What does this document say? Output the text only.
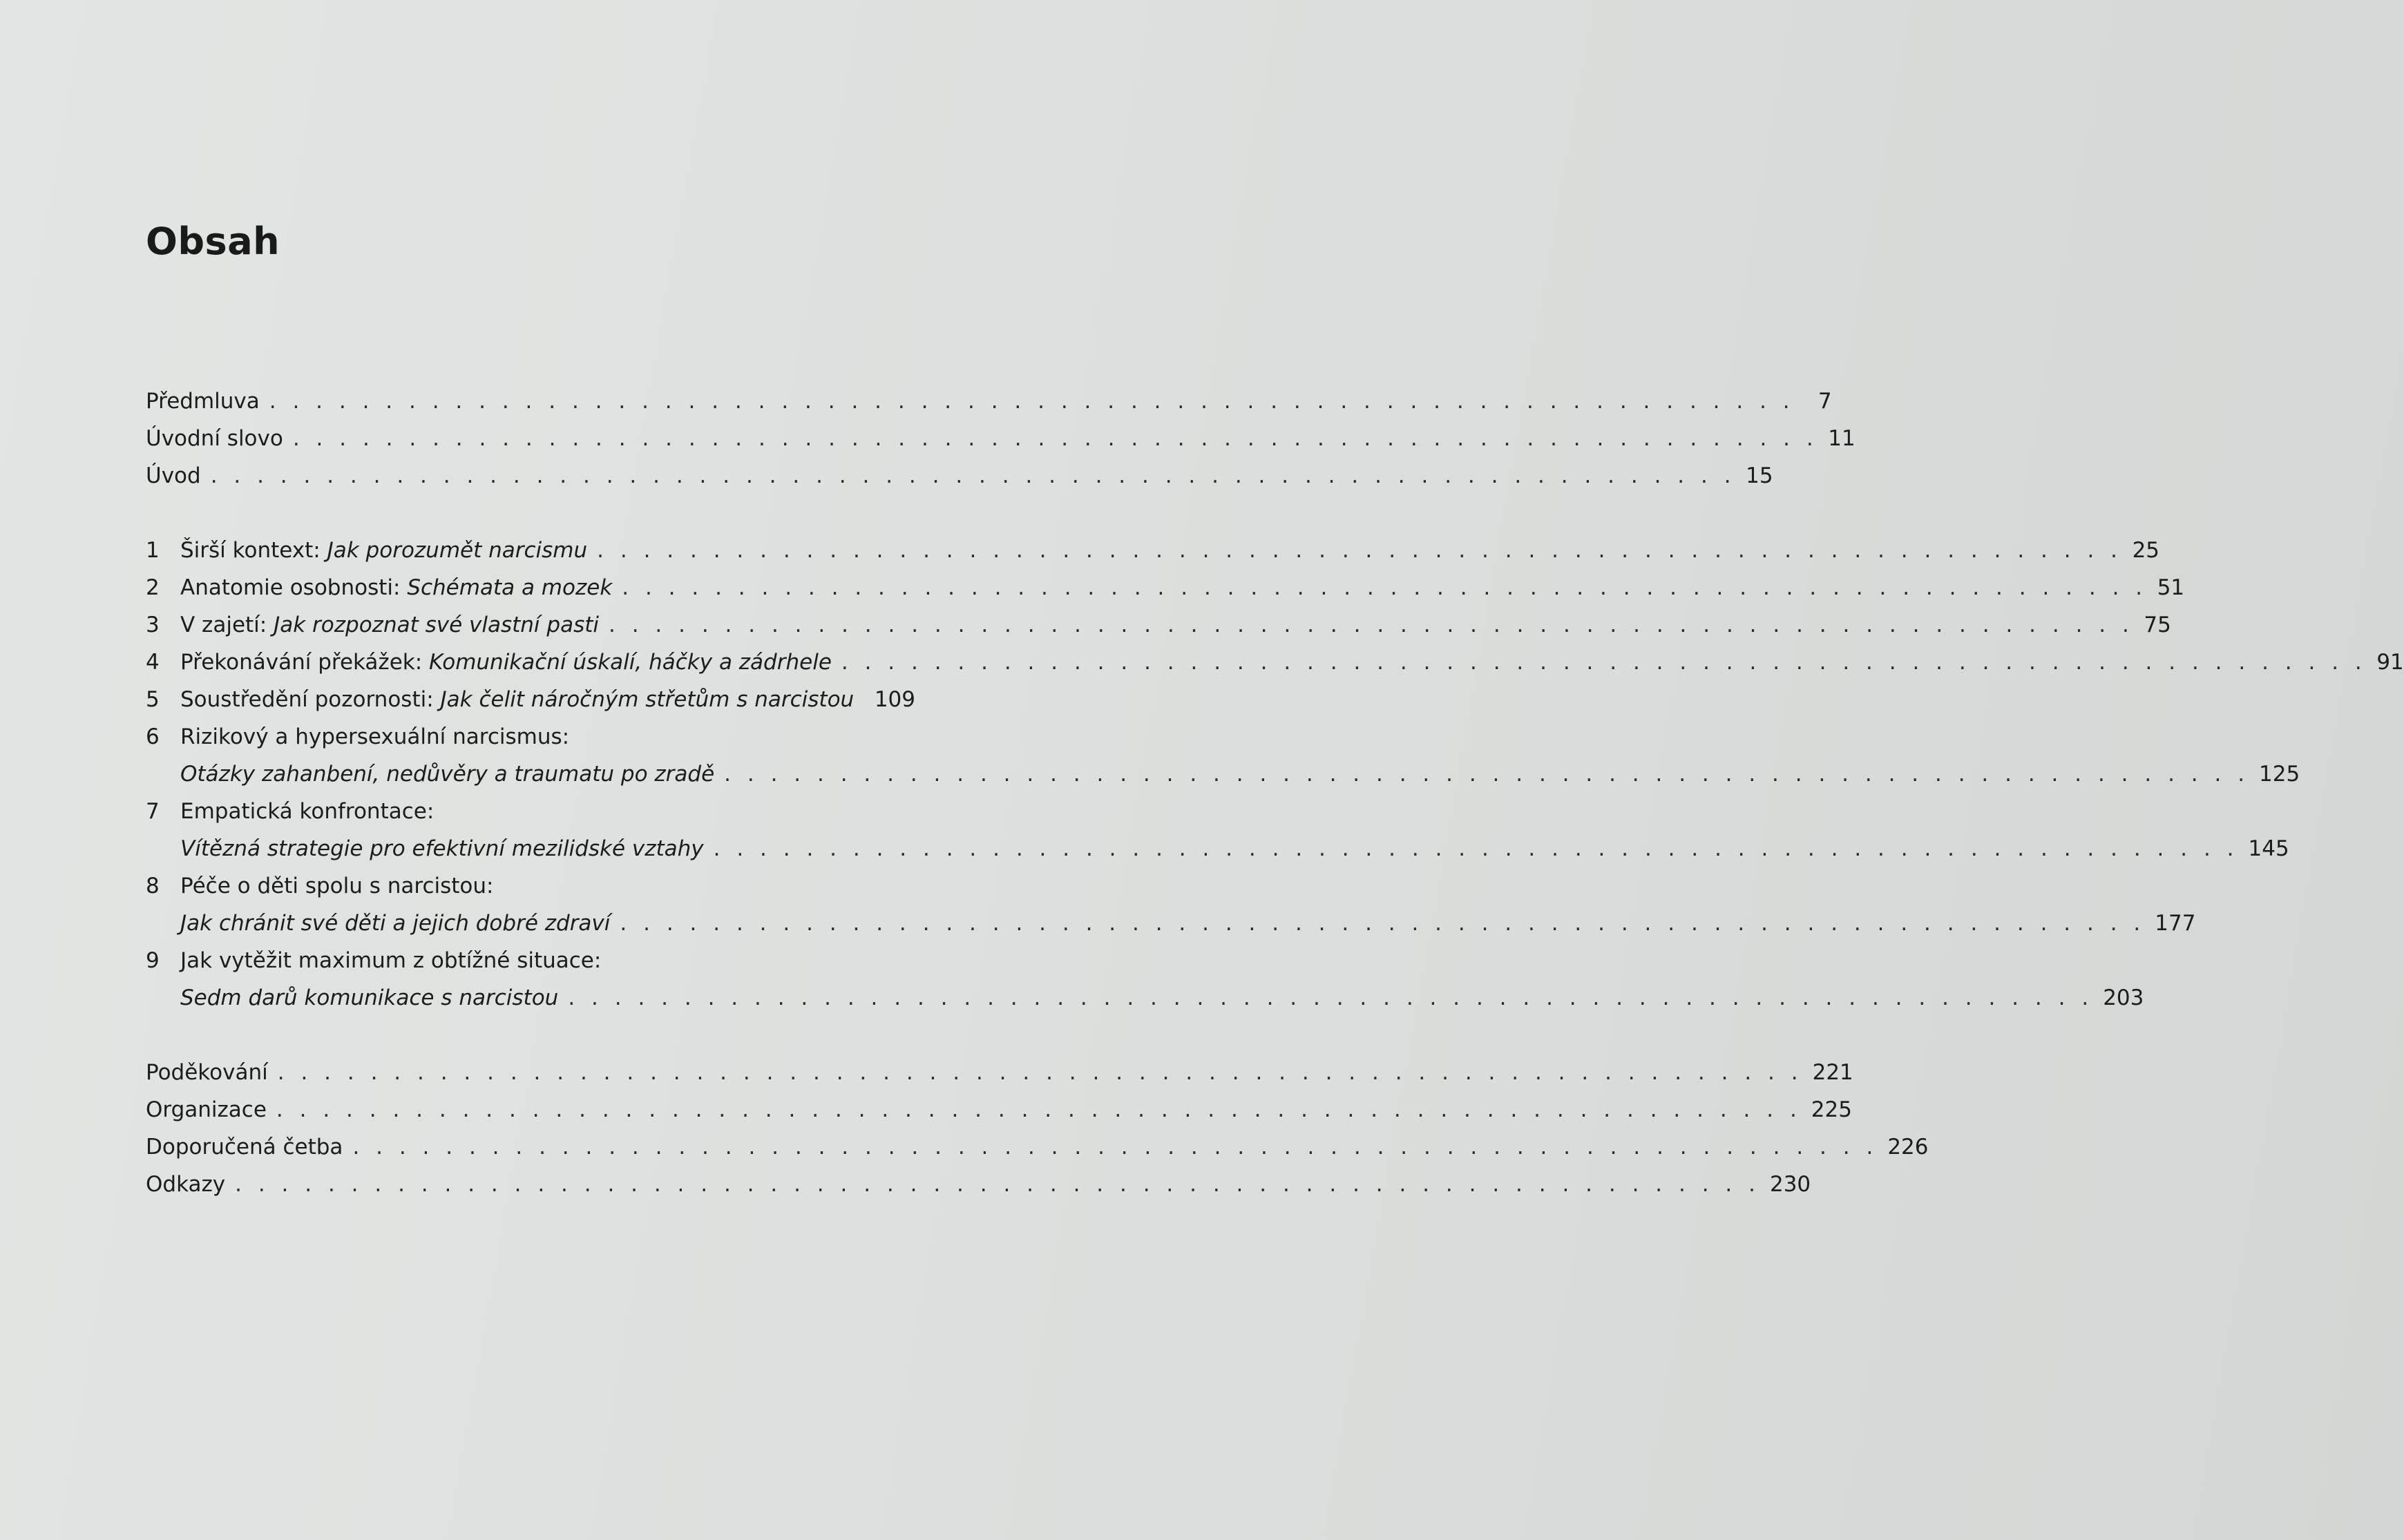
Obsah
Předmluva . . . . . . . . . . . . . . . . . . . . . . . . . . . . . . . . . . . . . . . . . . . . . . . . . . . . . . . . . . . . . . . . . .	7
Úvodní slovo . . . . . . . . . . . . . . . . . . . . . . . . . . . . . . . . . . . . . . . . . . . . . . . . . . . . . . . . . . . . . . . . . . 11
Úvod . . . . . . . . . . . . . . . . . . . . . . . . . . . . . . . . . . . . . . . . . . . . . . . . . . . . . . . . . . . . . . . . . . 15
1 Širší kontext: Jak porozumět narcismu . . . . . . . . . . . . . . . . . . . . . . . . . . . . . . . . . . . . . . . . . . . . . . . . . . . . . . . . . . . . . . . . . . 25
2 Anatomie osobnosti: Schémata a mozek . . . . . . . . . . . . . . . . . . . . . . . . . . . . . . . . . . . . . . . . . . . . . . . . . . . . . . . . . . . . . . . . . . 51
3 V zajetí: Jak rozpoznat své vlastní pasti . . . . . . . . . . . . . . . . . . . . . . . . . . . . . . . . . . . . . . . . . . . . . . . . . . . . . . . . . . . . . . . . . . 75
4 Překonávání překážek: Komunikační úskalí, háčky a zádrhele . . . . . . . . . . . . . . . . . . . . . . . . . . . . . . . . . . . . . . . . . . . . . . . . . . . . . . . . . . . . . . . . . . 91
5 Soustředění pozornosti: Jak čelit náročným střetům s narcistou 109
6 Rizikový a hypersexuální narcismus:
Otázky zahanbení, nedůvěry a traumatu po zradě . . . . . . . . . . . . . . . . . . . . . . . . . . . . . . . . . . . . . . . . . . . . . . . . . . . . . . . . . . . . . . . . . . 125
7 Empatická konfrontace:
Vítězná strategie pro efektivní mezilidské vztahy . . . . . . . . . . . . . . . . . . . . . . . . . . . . . . . . . . . . . . . . . . . . . . . . . . . . . . . . . . . . . . . . . . 145
8 Péče o děti spolu s narcistou:
Jak chránit své děti a jejich dobré zdraví . . . . . . . . . . . . . . . . . . . . . . . . . . . . . . . . . . . . . . . . . . . . . . . . . . . . . . . . . . . . . . . . . . 177
9 Jak vytěžit maximum z obtížné situace:
Sedm darů komunikace s narcistou . . . . . . . . . . . . . . . . . . . . . . . . . . . . . . . . . . . . . . . . . . . . . . . . . . . . . . . . . . . . . . . . . . 203
Poděkování . . . . . . . . . . . . . . . . . . . . . . . . . . . . . . . . . . . . . . . . . . . . . . . . . . . . . . . . . . . . . . . . . . 221
Organizace . . . . . . . . . . . . . . . . . . . . . . . . . . . . . . . . . . . . . . . . . . . . . . . . . . . . . . . . . . . . . . . . . . 225
Doporučená četba . . . . . . . . . . . . . . . . . . . . . . . . . . . . . . . . . . . . . . . . . . . . . . . . . . . . . . . . . . . . . . . . . . 226
Odkazy . . . . . . . . . . . . . . . . . . . . . . . . . . . . . . . . . . . . . . . . . . . . . . . . . . . . . . . . . . . . . . . . . . 230
